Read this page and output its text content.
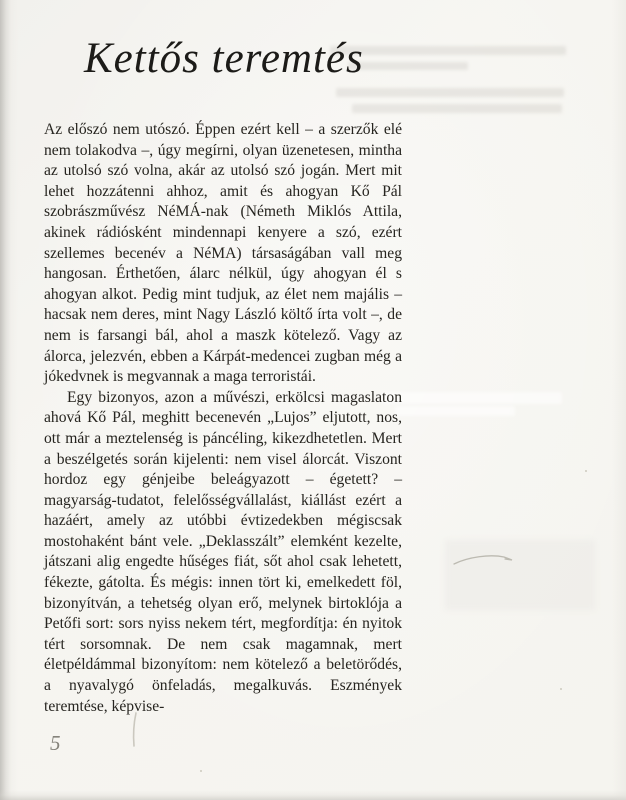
Kettős teremtés

Az előszó nem utószó. Éppen ezért kell – a szerzők elé nem tolakodva –, úgy megírni, olyan üzenetesen, mintha az utolsó szó volna, akár az utolsó szó jogán. Mert mit lehet hozzátenni ahhoz, amit és ahogyan Kő Pál szobrászművész NéMÁ-nak (Németh Miklós Attila, akinek rádiósként mindennapi kenyere a szó, ezért szellemes becenév a NéMA) társaságában vall meg hangosan. Érthetően, álarc nélkül, úgy ahogyan él s ahogyan alkot. Pedig mint tudjuk, az élet nem majális – hacsak nem deres, mint Nagy László költő írta volt –, de nem is farsangi bál, ahol a maszk kötelező. Vagy az álorca, jelezvén, ebben a Kárpát-medencei zugban még a jókedvnek is megvannak a maga terroristái.

Egy bizonyos, azon a művészi, erkölcsi magaslaton ahová Kő Pál, meghitt becenevén „Lujos” eljutott, nos, ott már a meztelenség is páncéling, kikezdhetetlen. Mert a beszélgetés során kijelenti: nem visel álorcát. Viszont hordoz egy génjeibe beleágyazott – égetett? – magyarság-tudatot, felelősségvállalást, kiállást ezért a hazáért, amely az utóbbi évtizedekben mégiscsak mostohaként bánt vele. „Deklasszált” elemként kezelte, játszani alig engedte hűséges fiát, sőt ahol csak lehetett, fékezte, gátolta. És mégis: innen tört ki, emelkedett föl, bizonyítván, a tehetség olyan erő, melynek birtoklója a Petőfi sort: sors nyiss nekem tért, megfordítja: én nyitok tért sorsomnak. De nem csak magamnak, mert életpéldámmal bizonyítom: nem kötelező a beletörődés, a nyavalygó önfeladás, megalkuvás. Eszmények teremtése, képvise-

5
